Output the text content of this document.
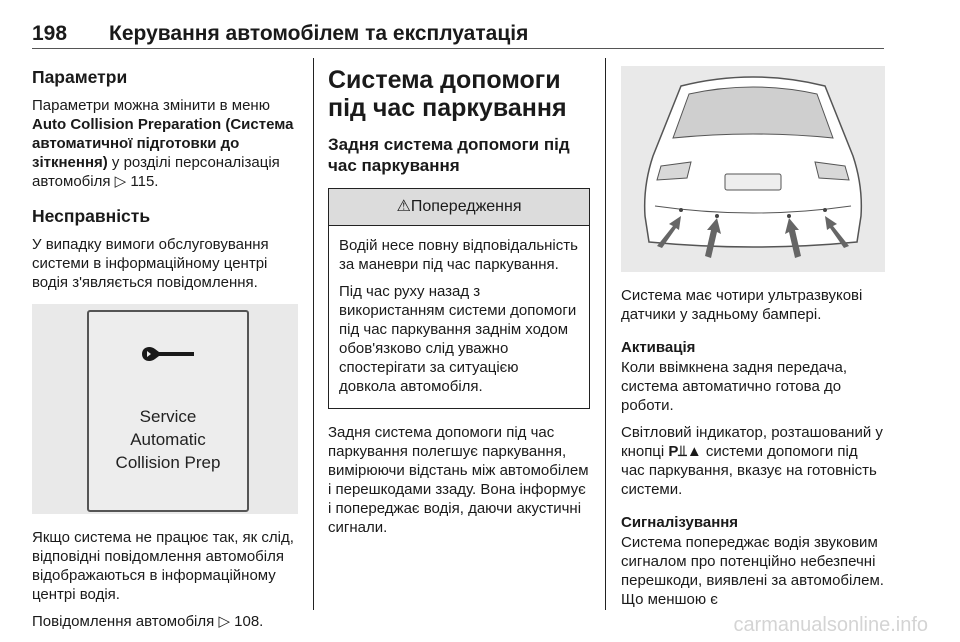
198 Керування автомобілем та експлуатація
Параметри

Параметри можна змінити в меню Auto Collision Preparation (Система автоматичної підготовки до зіткнення) у розділі персоналізація автомобіля ▷ 115.

Несправність

У випадку вимоги обслуговування системи в інформаційному центрі водія з'являється повідомлення.

Service
Automatic
Collision Prep

Якщо система не працює так, як слід, відповідні повідомлення автомобіля відображаються в інформаційному центрі водія.

Повідомлення автомобіля ▷ 108.

Система допомоги під час паркування
Задня система допомоги під час паркування
⚠Попередження

Водій несе повну відповідальність за маневри під час паркування.

Під час руху назад з використанням системи допомоги під час паркування заднім ходом обов'язково слід уважно спостерігати за ситуацією довкола автомобіля.

Задня система допомоги під час паркування полегшує паркування, вимірюючи відстань між автомобілем і перешкодами ззаду. Вона інформує і попереджає водія, даючи акустичні сигнали.

Система має чотири ультразвукові датчики у задньому бампері.

Активація

Коли ввімкнена задня передача, система автоматично готова до роботи.

Світловий індикатор, розташований у кнопці P⫫▲ системи допомоги під час паркування, вказує на готовність системи.

Сигналізування

Система попереджає водія звуковим сигналом про потенційно небезпечні перешкоди, виявлені за автомобілем. Що меншою є

carmanualsonline.info
